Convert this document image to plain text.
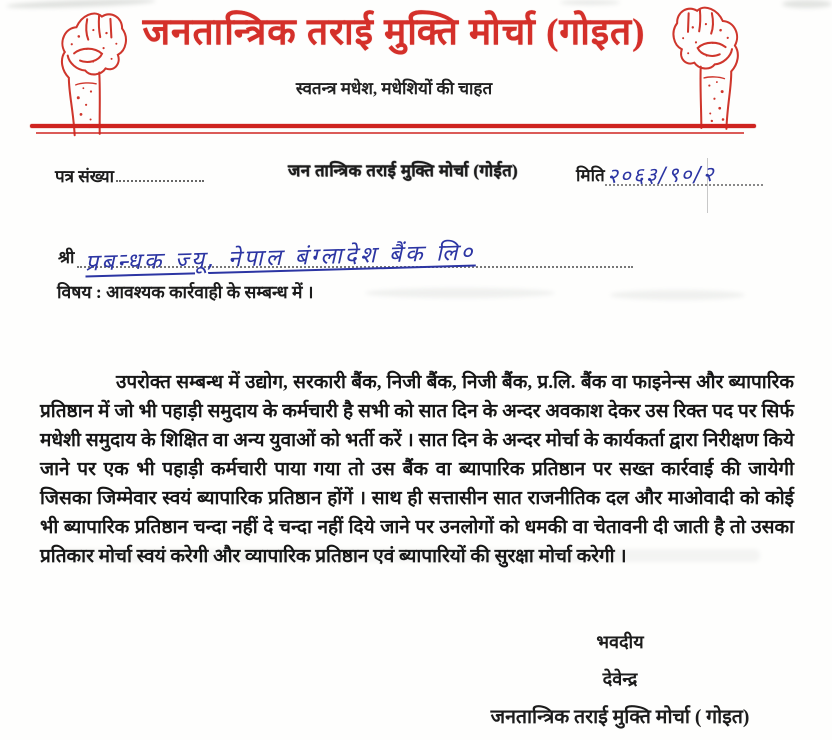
जनतान्त्रिक तराई मुक्ति मोर्चा (गोइत)
स्वतन्त्र मधेश, मधेशियों की चाहत
पत्र संख्या	जन तान्त्रिक तराई मुक्ति मोर्चा (गोईत)	मिति २०६३/९०/२
श्री प्रबन्धक ज्यू, नेपाल बंग्लादेश बैंक लि०
विषय : आवश्यक कार्रवाही के सम्बन्ध में ।

उपरोक्त सम्बन्ध में उद्योग, सरकारी बैंक, निजी बैंक, निजी बैंक, प्र.लि. बैंक वा फाइनेन्स और ब्यापारिक प्रतिष्ठान में जो भी पहाड़ी समुदाय के कर्मचारी है सभी को सात दिन के अन्दर अवकाश देकर उस रिक्त पद पर सिर्फ मधेशी समुदाय के शिक्षित वा अन्य युवाओं को भर्ती करें । सात दिन के अन्दर मोर्चा के कार्यकर्ता द्वारा निरीक्षण किये जाने पर एक भी पहाड़ी कर्मचारी पाया गया तो उस बैंक वा ब्यापारिक प्रतिष्ठान पर सख्त कार्रवाई की जायेगी जिसका जिम्मेवार स्वयं ब्यापारिक प्रतिष्ठान होंगें । साथ ही सत्तासीन सात राजनीतिक दल और माओवादी को कोई भी ब्यापारिक प्रतिष्ठान चन्दा नहीं दे चन्दा नहीं दिये जाने पर उनलोगों को धमकी वा चेतावनी दी जाती है तो उसका प्रतिकार मोर्चा स्वयं करेगी और व्यापारिक प्रतिष्ठान एवं ब्यापारियों की सुरक्षा मोर्चा करेगी ।

भवदीय
देवेन्द्र
जनतान्त्रिक तराई मुक्ति मोर्चा ( गोइत)
